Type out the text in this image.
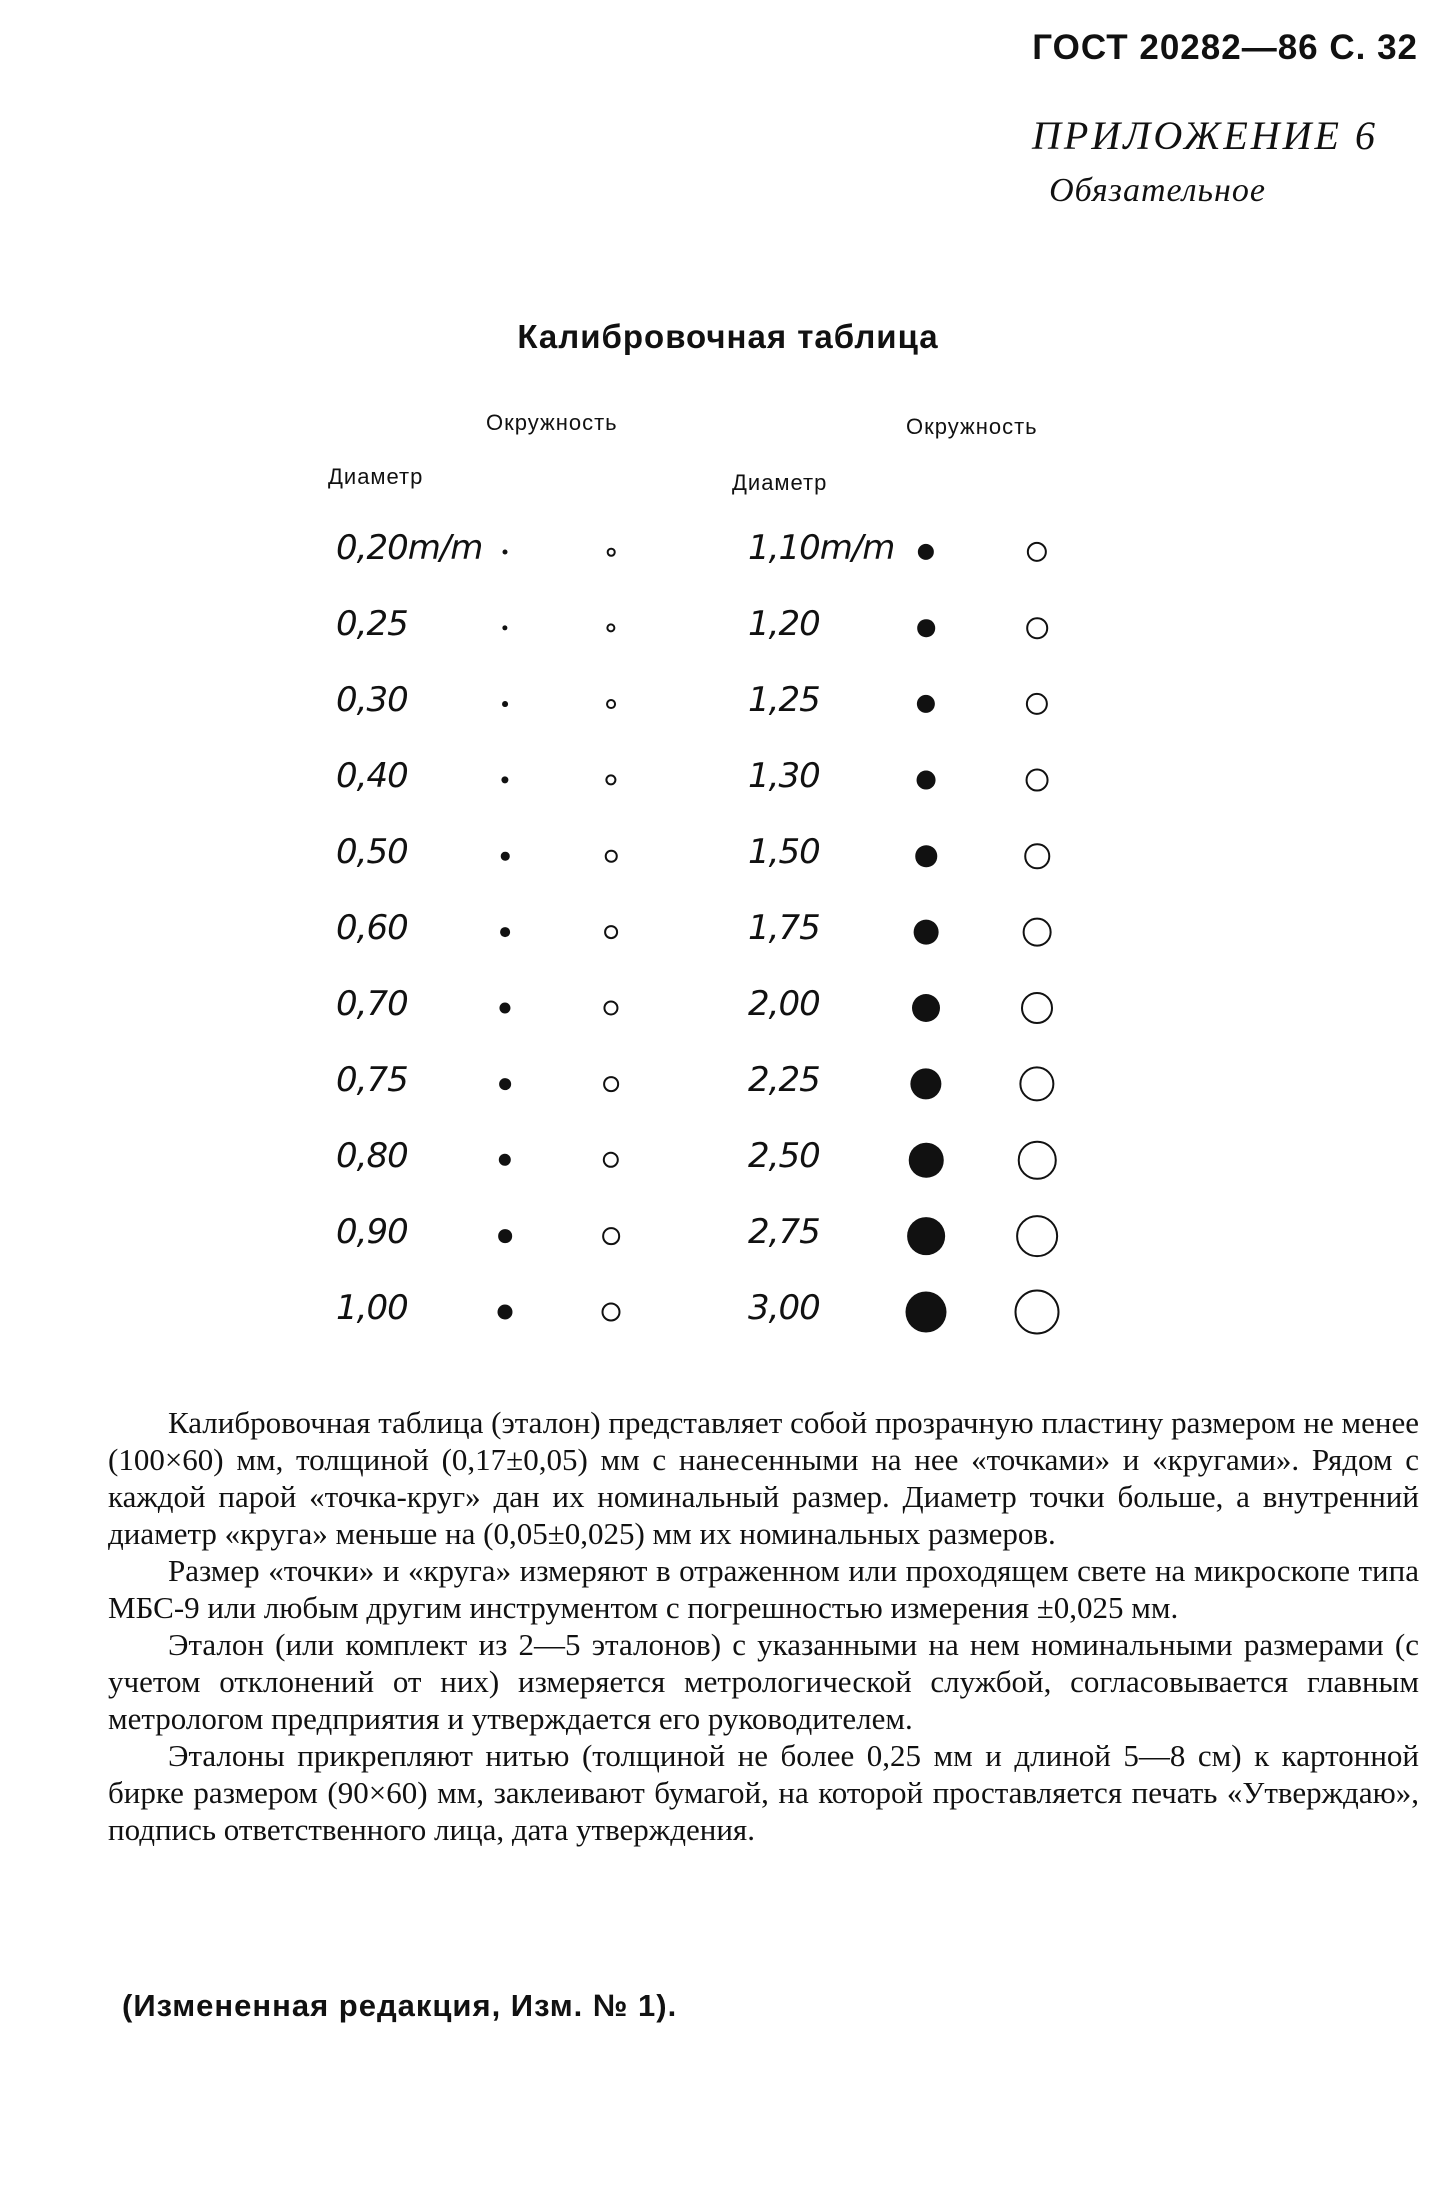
ГОСТ 20282—86 С. 32
ПРИЛОЖЕНИЕ 6
Обязательное
Калибровочная таблица
Окружность
Диаметр
Окружность
Диаметр
0,20m/m
0,25
0,30
0,40
0,50
0,60
0,70
0,75
0,80
0,90
1,00
1,10m/m
1,20
1,25
1,30
1,50
1,75
2,00
2,25
2,50
2,75
3,00

Калибровочная таблица (эталон) представляет собой прозрачную пластину размером не менее (100×60) мм, толщиной (0,17±0,05) мм с нанесенными на нее «точками» и «кругами». Рядом с каждой парой «точка-круг» дан их номинальный размер. Диаметр точки больше, а внутренний диаметр «круга» меньше на (0,05±0,025) мм их номинальных размеров.

Размер «точки» и «круга» измеряют в отраженном или проходящем свете на микроскопе типа МБС-9 или любым другим инструментом с погрешностью измерения ±0,025 мм.

Эталон (или комплект из 2—5 эталонов) с указанными на нем номинальными размерами (с учетом отклонений от них) измеряется метрологической службой, согласовывается главным метрологом предприятия и утверждается его руководителем.

Эталоны прикрепляют нитью (толщиной не более 0,25 мм и длиной 5—8 см) к картонной бирке размером (90×60) мм, заклеивают бумагой, на которой проставляется печать «Утверждаю», подпись ответственного лица, дата утверждения.

(Измененная редакция, Изм. № 1).
